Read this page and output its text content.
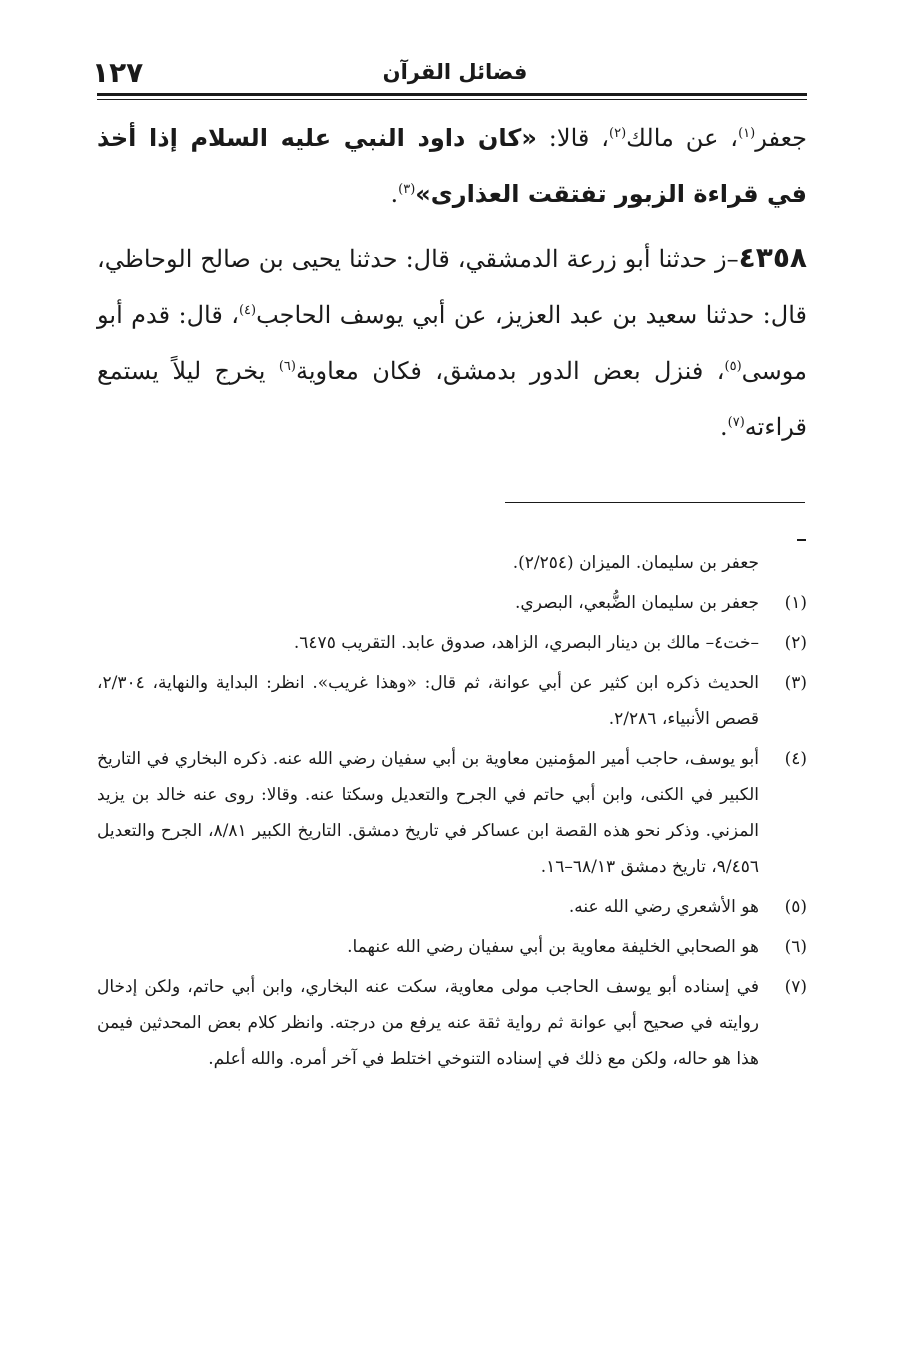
١٢٧	فضائل القرآن

جعفر$^{(١)}$، عن مالك$^{(٢)}$، قالا: «كان داود النبي عليه السلام إذا أخذ في قراءة الزبور تفتقت العذارى»$^{(٣)}$.

٤٣٥٨–ز حدثنا أبو زرعة الدمشقي، قال: حدثنا يحيى بن صالح الوحاظي، قال: حدثنا سعيد بن عبد العزيز، عن أبي يوسف الحاجب$^{(٤)}$، قال: قدم أبو موسى$^{(٥)}$، فنزل بعض الدور بدمشق، فكان معاوية$^{(٦)}$ يخرج ليلاً يستمع قراءته$^{(٧)}$.

جعفر بن سليمان. الميزان (٢/٢٥٤).

(١)
جعفر بن سليمان الضُّبعي، البصري.
(٢)
–خت٤– مالك بن دينار البصري، الزاهد، صدوق عابد. التقريب ٦٤٧٥.
(٣)
الحديث ذكره ابن كثير عن أبي عوانة، ثم قال: «وهذا غريب». انظر: البداية والنهاية، ٢/٣٠٤، قصص الأنبياء، ٢/٢٨٦.
(٤)
أبو يوسف، حاجب أمير المؤمنين معاوية بن أبي سفيان رضي الله عنه. ذكره البخاري في التاريخ الكبير في الكنى، وابن أبي حاتم في الجرح والتعديل وسكتا عنه. وقالا: روى عنه خالد بن يزيد المزني. وذكر نحو هذه القصة ابن عساكر في تاريخ دمشق. التاريخ الكبير ٨/٨١، الجرح والتعديل ٩/٤٥٦، تاريخ دمشق ٦٨/١٣–١٦.
(٥)
هو الأشعري رضي الله عنه.
(٦)
هو الصحابي الخليفة معاوية بن أبي سفيان رضي الله عنهما.
(٧)
في إسناده أبو يوسف الحاجب مولى معاوية، سكت عنه البخاري، وابن أبي حاتم، ولكن إدخال روايته في صحيح أبي عوانة ثم رواية ثقة عنه يرفع من درجته. وانظر كلام بعض المحدثين فيمن هذا هو حاله، ولكن مع ذلك في إسناده التنوخي اختلط في آخر أمره. والله أعلم.
